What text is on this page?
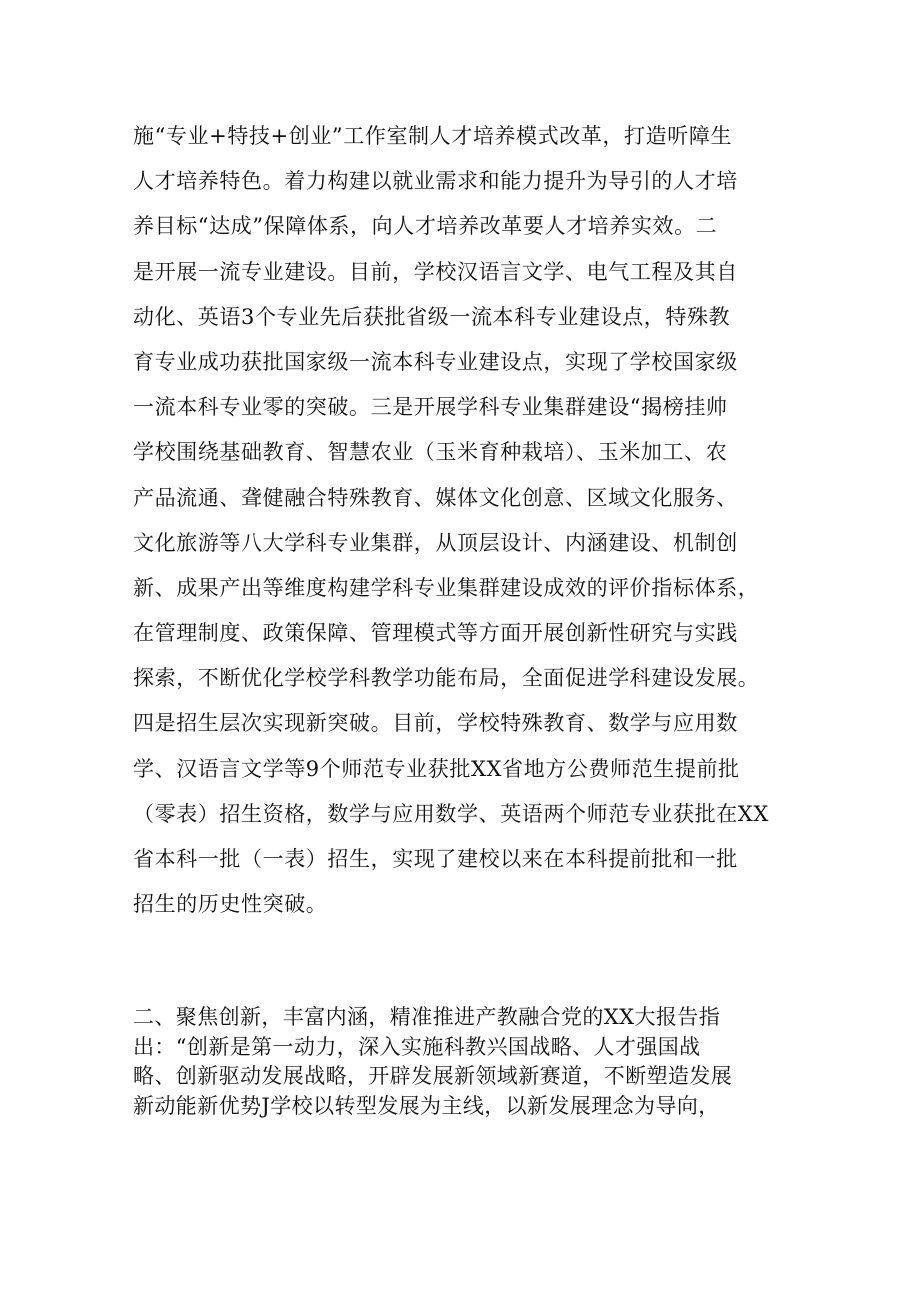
施“专业+特技+创业”工作室制人才培养模式改革，打造听障生
人才培养特色。着力构建以就业需求和能力提升为导引的人才培
养目标“达成”保障体系，向人才培养改革要人才培养实效。二
是开展一流专业建设。目前，学校汉语言文学、电气工程及其自
动化、英语3个专业先后获批省级一流本科专业建设点，特殊教
育专业成功获批国家级一流本科专业建设点，实现了学校国家级
一流本科专业零的突破。三是开展学科专业集群建设“揭榜挂帅
学校围绕基础教育、智慧农业（玉米育种栽培）、玉米加工、农
产品流通、聋健融合特殊教育、媒体文化创意、区域文化服务、
文化旅游等八大学科专业集群，从顶层设计、内涵建设、机制创
新、成果产出等维度构建学科专业集群建设成效的评价指标体系，
在管理制度、政策保障、管理模式等方面开展创新性研究与实践
探索，不断优化学校学科教学功能布局，全面促进学科建设发展。
四是招生层次实现新突破。目前，学校特殊教育、数学与应用数
学、汉语言文学等9个师范专业获批XX省地方公费师范生提前批
（零表）招生资格，数学与应用数学、英语两个师范专业获批在XX
省本科一批（一表）招生，实现了建校以来在本科提前批和一批
招生的历史性突破。
二、聚焦创新，丰富内涵，精准推进产教融合党的XX大报告指
出：“创新是第一动力，深入实施科教兴国战略、人才强国战
略、创新驱动发展战略，开辟发展新领域新赛道，不断塑造发展
新动能新优势J学校以转型发展为主线，以新发展理念为导向，
